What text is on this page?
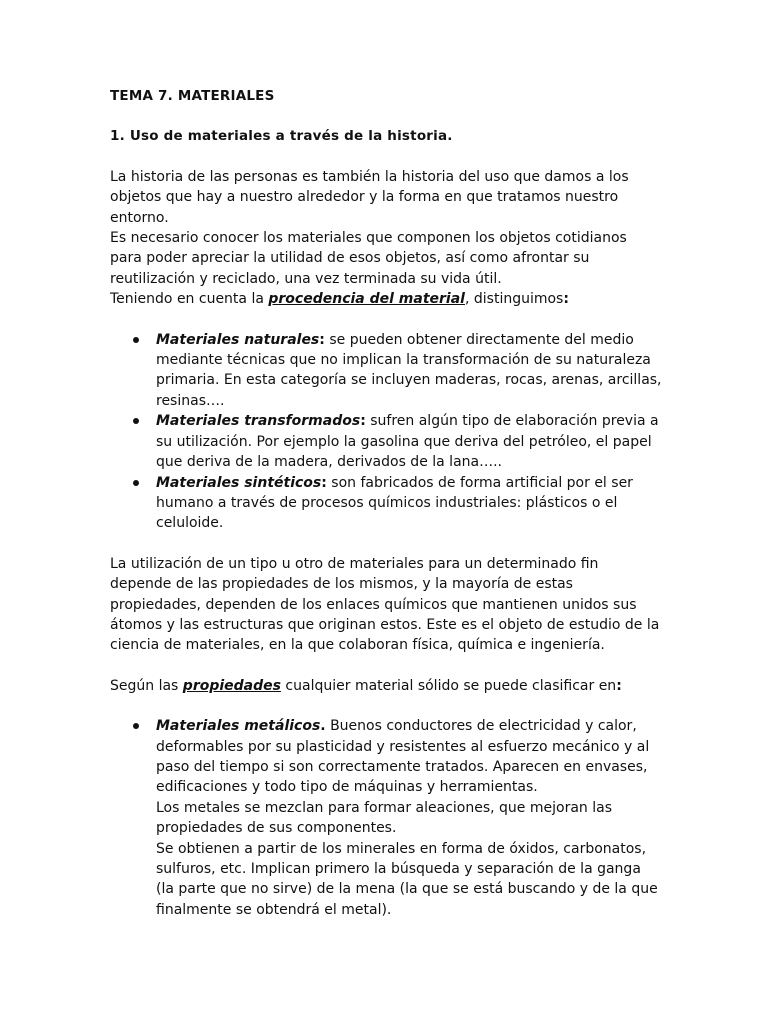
TEMA 7. MATERIALES

1. Uso de materiales a través de la historia.

La historia de las personas es también la historia del uso que damos a los objetos que hay a nuestro alrededor y la forma en que tratamos nuestro entorno.

Es necesario conocer los materiales que componen los objetos cotidianos para poder apreciar la utilidad de esos objetos, así como afrontar su reutilización y reciclado, una vez terminada su vida útil.

Teniendo en cuenta la procedencia del material, distinguimos:

Materiales naturales: se pueden obtener directamente del medio mediante técnicas que no implican la transformación de su naturaleza primaria. En esta categoría se incluyen maderas, rocas, arenas, arcillas, resinas….
Materiales transformados: sufren algún tipo de elaboración previa a su utilización. Por ejemplo la gasolina que deriva del petróleo, el papel que deriva de la madera, derivados de la lana…..
Materiales sintéticos: son fabricados de forma artificial por el ser humano a través de procesos químicos industriales: plásticos o el celuloide.

La utilización de un tipo u otro de materiales para un determinado fin depende de las propiedades de los mismos, y la mayoría de estas propiedades, dependen de los enlaces químicos que mantienen unidos sus átomos y las estructuras que originan estos. Este es el objeto de estudio de la ciencia de materiales, en la que colaboran física, química e ingeniería.

Según las propiedades cualquier material sólido se puede clasificar en:

Materiales metálicos. Buenos conductores de electricidad y calor, deformables por su plasticidad y resistentes al esfuerzo mecánico y al paso del tiempo si son correctamente tratados. Aparecen en envases, edificaciones y todo tipo de máquinas y herramientas.
Los metales se mezclan para formar aleaciones, que mejoran las propiedades de sus componentes.
Se obtienen a partir de los minerales en forma de óxidos, carbonatos, sulfuros, etc. Implican primero la búsqueda y separación de la ganga (la parte que no sirve) de la mena (la que se está buscando y de la que finalmente se obtendrá el metal).
